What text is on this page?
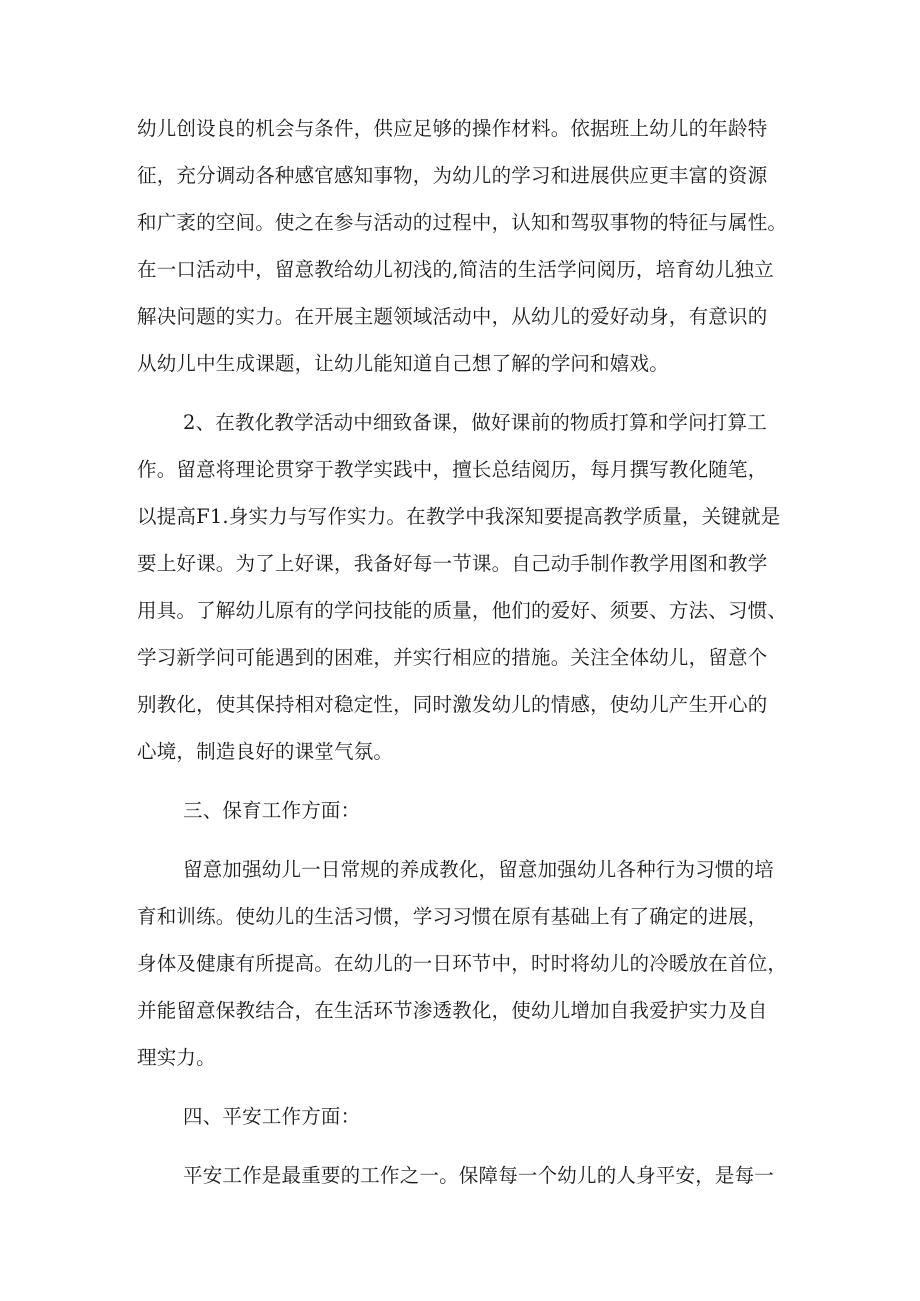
幼儿创设良的机会与条件，供应足够的操作材料。依据班上幼儿的年龄特
征，充分调动各种感官感知事物，为幼儿的学习和进展供应更丰富的资源
和广袤的空间。使之在参与活动的过程中，认知和驾驭事物的特征与属性。
在一口活动中，留意教给幼儿初浅的,简洁的生活学问阅历，培育幼儿独立
解决问题的实力。在开展主题领域活动中，从幼儿的爱好动身，有意识的
从幼儿中生成课题，让幼儿能知道自己想了解的学问和嬉戏。
2、在教化教学活动中细致备课，做好课前的物质打算和学问打算工
作。留意将理论贯穿于教学实践中，擅长总结阅历，每月撰写教化随笔，
以提高F1.身实力与写作实力。在教学中我深知要提高教学质量，关键就是
要上好课。为了上好课，我备好每一节课。自己动手制作教学用图和教学
用具。了解幼儿原有的学问技能的质量，他们的爱好、须要、方法、习惯、
学习新学问可能遇到的困难，并实行相应的措施。关注全体幼儿，留意个
别教化，使其保持相对稳定性，同时激发幼儿的情感，使幼儿产生开心的
心境，制造良好的课堂气氛。
三、保育工作方面：
留意加强幼儿一日常规的养成教化，留意加强幼儿各种行为习惯的培
育和训练。使幼儿的生活习惯，学习习惯在原有基础上有了确定的进展，
身体及健康有所提高。在幼儿的一日环节中，时时将幼儿的冷暖放在首位，
并能留意保教结合，在生活环节渗透教化，使幼儿增加自我爱护实力及自
理实力。
四、平安工作方面：
平安工作是最重要的工作之一。保障每一个幼儿的人身平安，是每一
